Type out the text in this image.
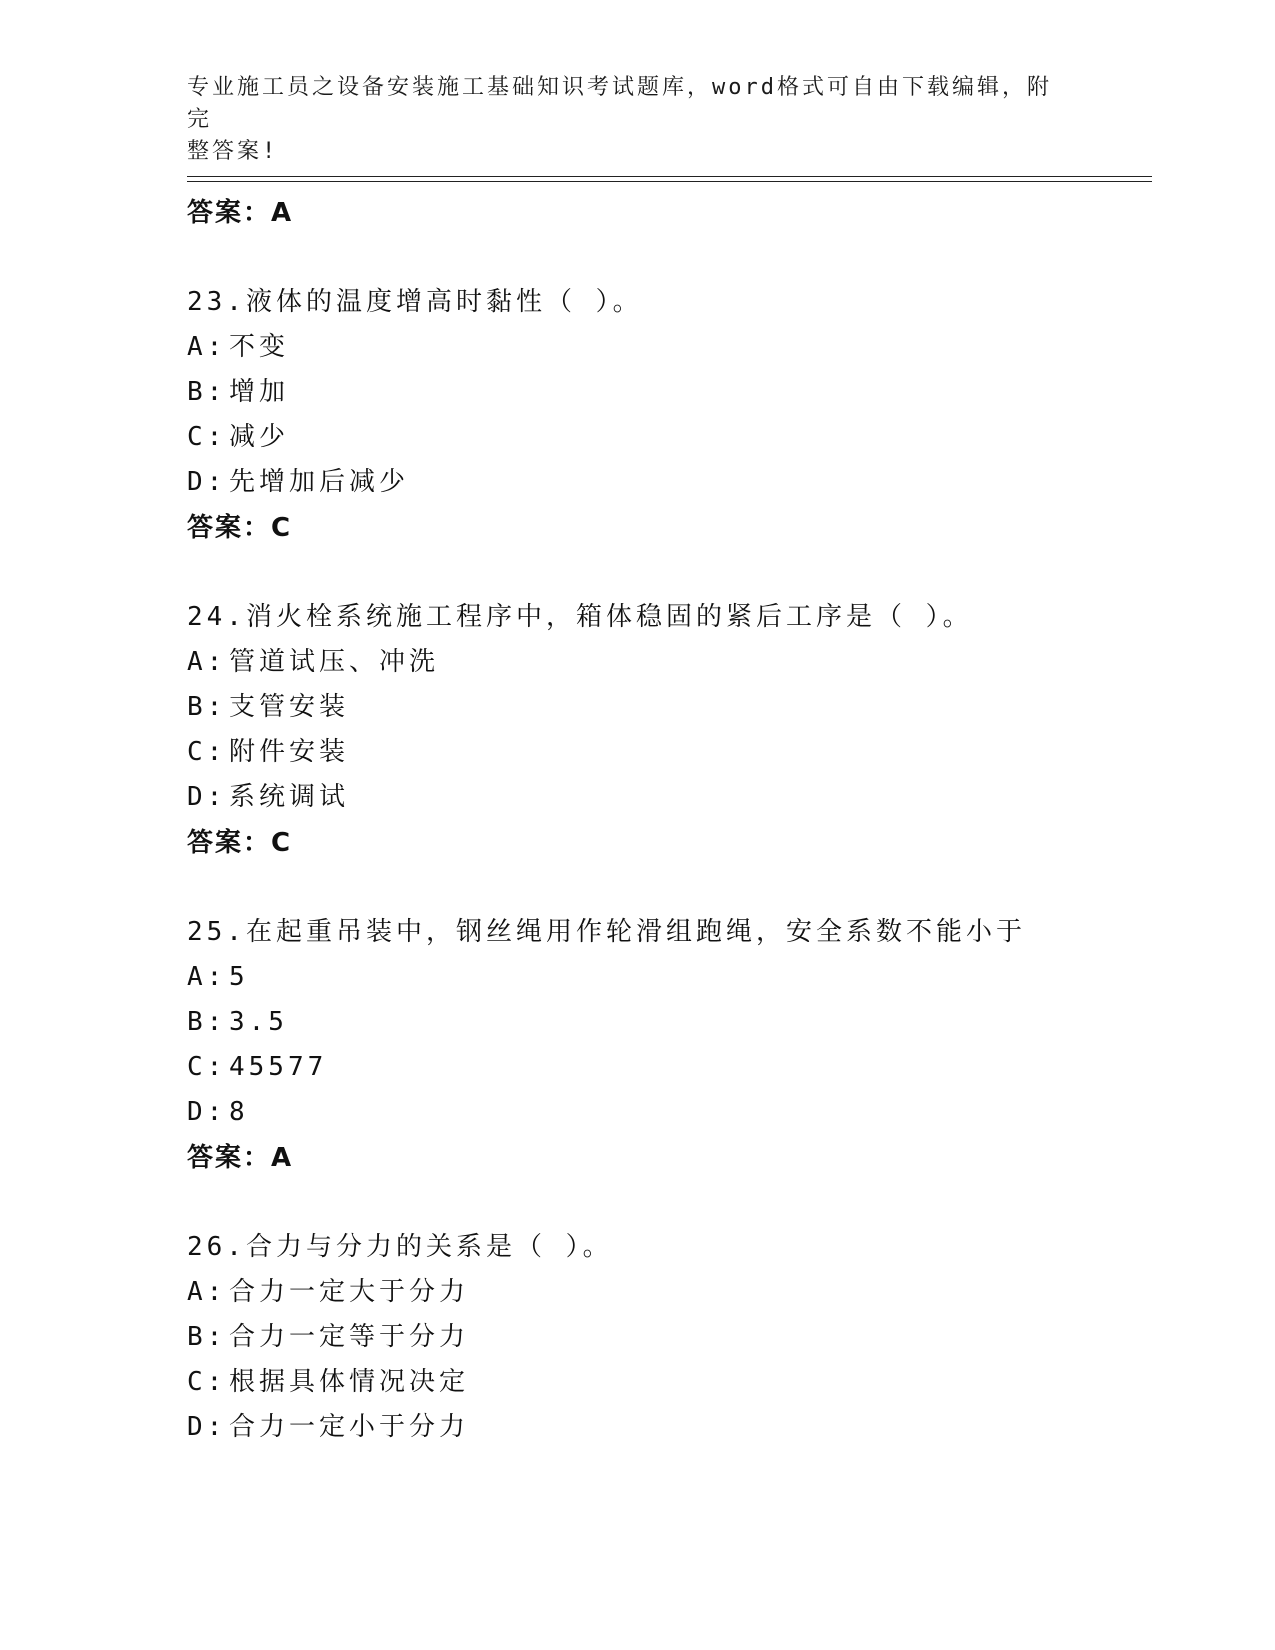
专业施工员之设备安装施工基础知识考试题库，word格式可自由下载编辑，附完
整答案!
答案：A
23.液体的温度增高时黏性（ ）。
A: 不变
B: 增加
C: 减少
D: 先增加后减少
答案：C
24.消火栓系统施工程序中，箱体稳固的紧后工序是（ ）。
A: 管道试压、冲洗
B: 支管安装
C: 附件安装
D: 系统调试
答案：C
25.在起重吊装中，钢丝绳用作轮滑组跑绳，安全系数不能小于
A: 5
B: 3.5
C: 45577
D: 8
答案：A
26.合力与分力的关系是（ ）。
A: 合力一定大于分力
B: 合力一定等于分力
C: 根据具体情况决定
D: 合力一定小于分力
